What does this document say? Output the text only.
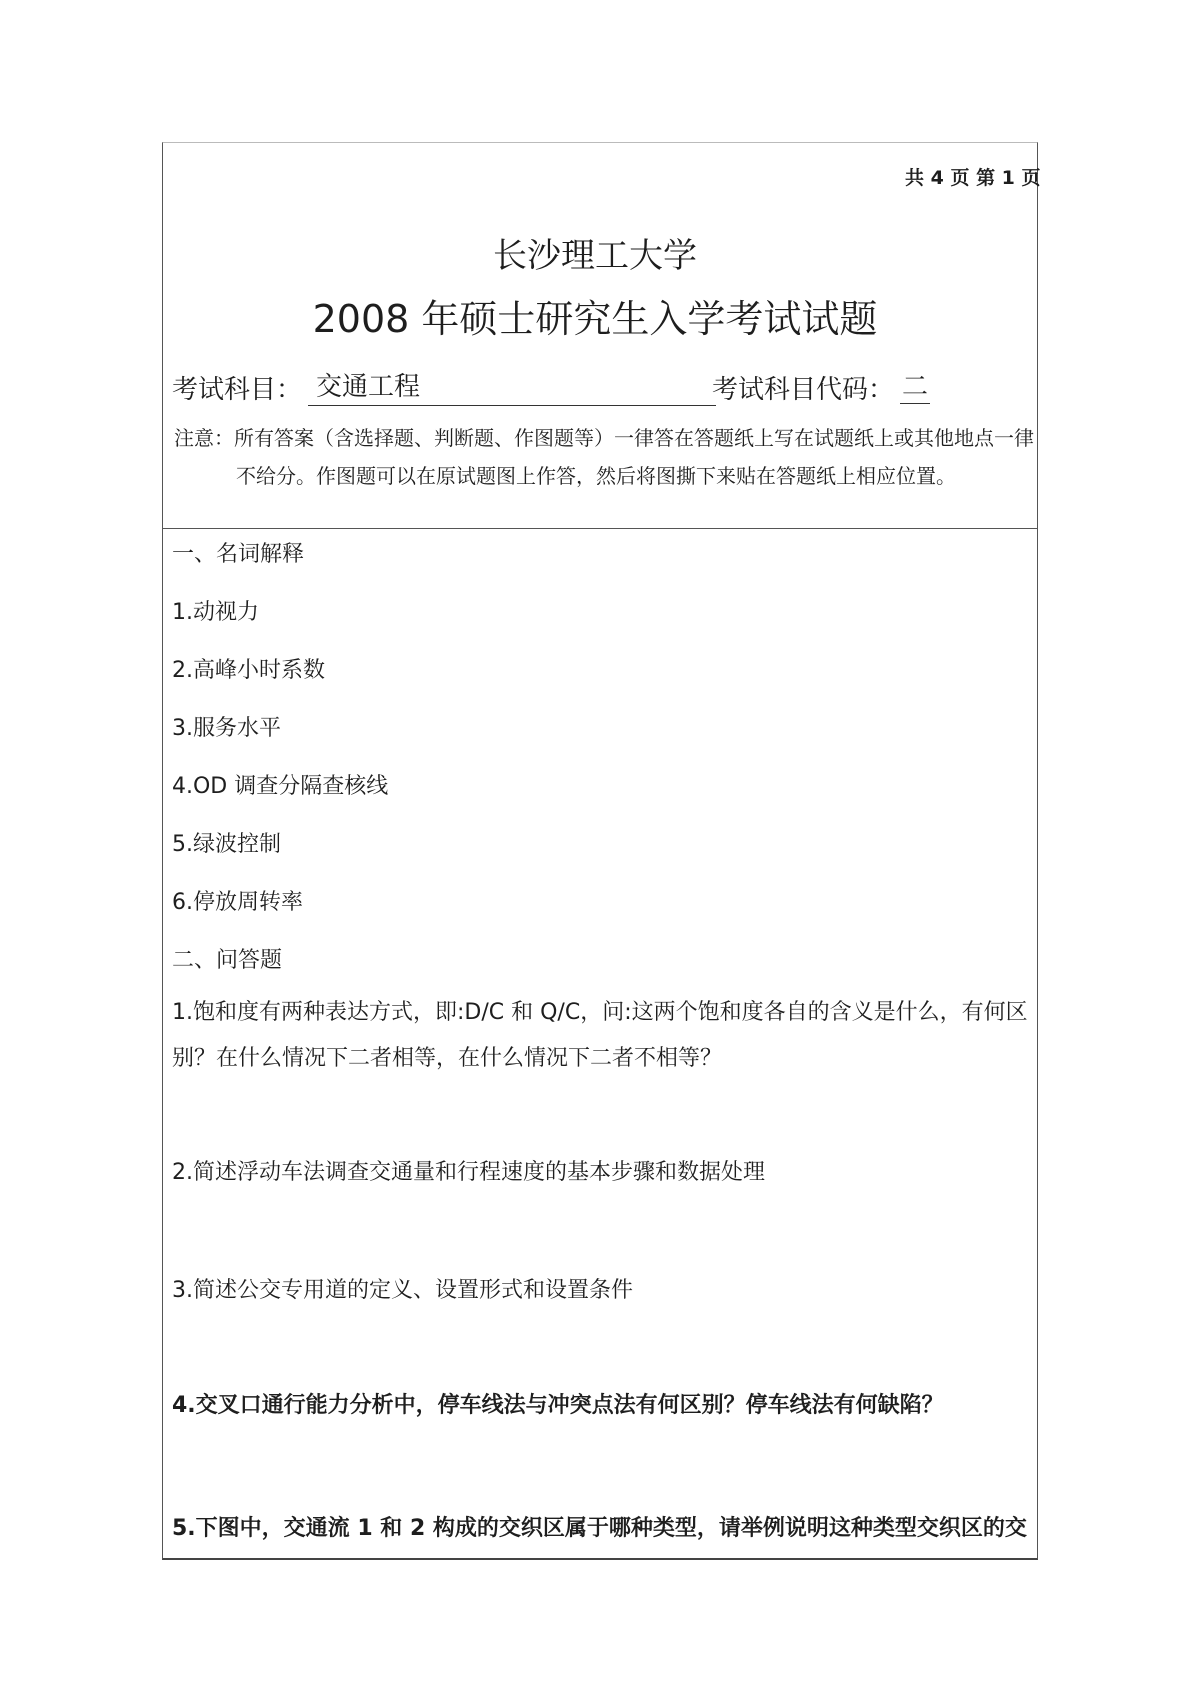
共 4 页 第 1 页
长沙理工大学
2008 年硕士研究生入学考试试题
考试科目： 交通工程	考试科目代码： 二
注意：所有答案（含选择题、判断题、作图题等）一律答在答题纸上写在试题纸上或其他地点一律不给分。作图题可以在原试题图上作答，然后将图撕下来贴在答题纸上相应位置。
一、名词解释
1.动视力
2.高峰小时系数
3.服务水平
4.OD 调查分隔查核线
5.绿波控制
6.停放周转率
二、问答题
1.饱和度有两种表达方式，即:D/C 和 Q/C，问:这两个饱和度各自的含义是什么，有何区别？在什么情况下二者相等，在什么情况下二者不相等？
2.简述浮动车法调查交通量和行程速度的基本步骤和数据处理
3.简述公交专用道的定义、设置形式和设置条件
4.交叉口通行能力分析中，停车线法与冲突点法有何区别？停车线法有何缺陷？
5.下图中，交通流 1 和 2 构成的交织区属于哪种类型，请举例说明这种类型交织区的交
